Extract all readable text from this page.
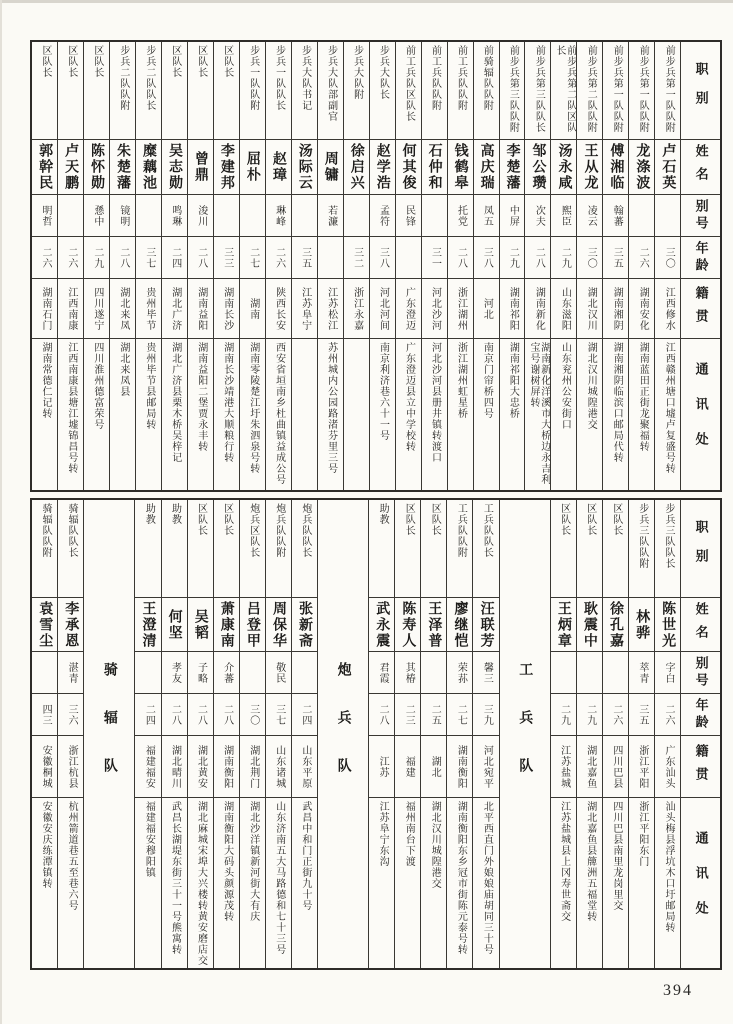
职别
姓名
别号
年龄
籍贯
通讯处
前步兵第一队队附
卢石英
三〇
江西修水
江西赣州塘口墟卢复盛号转
前步兵第一队队附
龙涤波
二六
湖南安化
湖南蓝田正街龙聚福转
前步兵第一队队附
傅湘临
翰蕃
三五
湖南湘阴
湖南湘阴临滨口邮局代转
前步兵第二队队附
王从龙
凌云
三〇
湖北汉川
湖北汉川城隍港交
前步兵第二队区队长
汤永咸
熙臣
二九
山东滋阳
山东兖州公安街口
前步兵第三队队长
邹公瓒
次夫
二八
湖南新化
湖南新化洋溪市大桥边永吉利宝号谢树屏转
前步兵第三队队附
李楚藩
中屏
二九
湖南祁阳
湖南祁阳大忠桥
前骑辐队队附
高庆瑞
凤五
三八
河北
南京门帘桥四号
前工兵队队附
钱鹤皋
托党
二八
浙江湖州
浙江湖州虹星桥
前工兵队队附
石仲和
三一
河北沙河
河北沙河县册井镇转渡口
前工兵队区队长
何其俊
民锋
广东澄迈
广东澄迈县立中学校转
步兵大队长
赵学浩
孟符
三八
河北河间
南京利济巷六十一号
步兵大队附
徐启兴
三二
浙江永嘉
步兵大队部副官
周镛
若濂
江苏松江
苏州城内公园路渚芬里三号
步兵大队书记
汤际云
三五
江苏阜宁
步兵一队队长
赵璋
琳峰
二六
陕西长安
西安省垣南乡杜曲镇益成公号
步兵一队队附
屈朴
二七
湖南
湖南零陵楚江圩朱泗泉号转
区队长
李建邦
三三
湖南长沙
湖南长沙靖港大顺粮行转
区队长
曾鼎
浚川
二八
湖南益阳
湖南益阳二堡贾永丰转
区队长
吴志勋
鸣琳
二四
湖北广济
湖北广济县栗木桥吴梓记
步兵二队队长
糜藕池
三七
贵州毕节
贵州毕节县邮局转
步兵二队队附
朱楚藩
镜明
二八
湖北来凤
湖北来凤县
区队长
陈怀勋
愻中
二九
四川遂宁
四川淮州德富荣号
区队长
卢天鹏
二六
江西南康
江西南康县塘江墟锦昌号转
区队长
郭幹民
明哲
二六
湖南石门
湖南常德仁记转
职别
姓名
别号
年龄
籍贯
通讯处
步兵三队队长
陈世光
字白
二六
广东汕头
汕头梅县浮坑木口圩邮局转
步兵三队队附
林骅
萃青
三五
浙江平阳
浙江平阳东门
区队长
徐孔嘉
二六
四川巴县
四川巴县南里龙岗里交
区队长
耿震中
二九
湖北嘉鱼
湖北嘉鱼县簰洲五福堂转
区队长
王炳章
二九
江苏盐城
江苏盐城县上冈寿世斋交
工兵队
工兵队队长
汪联芳
馨三
三九
河北宛平
北平西直门外娘娘庙胡同三十号
工兵队队附
廖继恺
荣荪
二七
湖南衡阳
湖南衡阳东乡冠市街陈元泰号转
区队长
王泽普
二五
湖北
湖北汉川城隍港交
区队长
陈寿人
其椿
二三
福建
福州南台下渡
助教
武永震
君霞
二八
江苏
江苏阜宁东沟
炮兵队
炮兵队队长
张新斋
二四
山东平原
武昌中和门正街九十号
炮兵队队附
周保华
敬民
三七
山东诸城
山东济南五大马路德和七十三号
炮兵区队长
吕登甲
三〇
湖北荆门
湖北沙洋镇新河街大有庆
区队长
萧康南
介蕃
二八
湖南衡阳
湖南衡阳大码头颜源茂转
区队长
吴韬
子略
二八
湖北黄安
湖北麻城宋埠大兴楼转黄安磨店交
助教
何坚
孝友
二八
湖北晴川
武昌长湖堤东街三十一号熊寓转
助教
王澄清
二四
福建福安
福建福安穆阳镇
骑辐队
骑辐队队长
李承恩
湛青
三六
浙江杭县
杭州箭道巷五至巷六号
骑辐队队附
袁雪尘
四三
安徽桐城
安徽安庆练潭镇转
394
